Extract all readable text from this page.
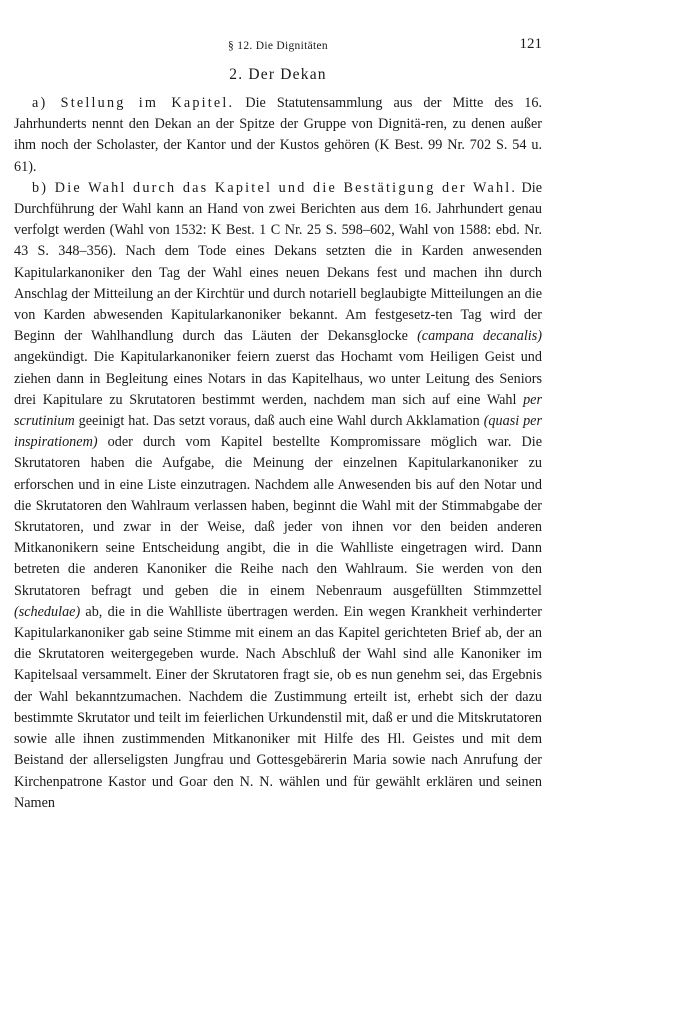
§ 12. Die Dignitäten	121
2. Der Dekan

a) Stellung im Kapitel. Die Statutensammlung aus der Mitte des 16. Jahrhunderts nennt den Dekan an der Spitze der Gruppe von Dignitä-ren, zu denen außer ihm noch der Scholaster, der Kantor und der Kustos gehören (K Best. 99 Nr. 702 S. 54 u. 61).

b) Die Wahl durch das Kapitel und die Bestätigung der Wahl. Die Durchführung der Wahl kann an Hand von zwei Berichten aus dem 16. Jahrhundert genau verfolgt werden (Wahl von 1532: K Best. 1 C Nr. 25 S. 598–602, Wahl von 1588: ebd. Nr. 43 S. 348–356). Nach dem Tode eines Dekans setzten die in Karden anwesenden Kapitularkanoniker den Tag der Wahl eines neuen Dekans fest und machen ihn durch Anschlag der Mitteilung an der Kirchtür und durch notariell beglaubigte Mitteilungen an die von Karden abwesenden Kapitularkanoniker bekannt. Am festgesetz-ten Tag wird der Beginn der Wahlhandlung durch das Läuten der Dekansglocke (campana decanalis) angekündigt. Die Kapitularkanoniker feiern zuerst das Hochamt vom Heiligen Geist und ziehen dann in Begleitung eines Notars in das Kapitelhaus, wo unter Leitung des Seniors drei Kapitulare zu Skrutatoren bestimmt werden, nachdem man sich auf eine Wahl per scrutinium geeinigt hat. Das setzt voraus, daß auch eine Wahl durch Akklamation (quasi per inspirationem) oder durch vom Kapitel bestellte Kompromissare möglich war. Die Skrutatoren haben die Aufgabe, die Meinung der einzelnen Kapitularkanoniker zu erforschen und in eine Liste einzutragen. Nachdem alle Anwesenden bis auf den Notar und die Skrutatoren den Wahlraum verlassen haben, beginnt die Wahl mit der Stimmabgabe der Skrutatoren, und zwar in der Weise, daß jeder von ihnen vor den beiden anderen Mitkanonikern seine Entscheidung angibt, die in die Wahlliste eingetragen wird. Dann betreten die anderen Kanoniker die Reihe nach den Wahlraum. Sie werden von den Skrutatoren befragt und geben die in einem Nebenraum ausgefüllten Stimmzettel (schedulae) ab, die in die Wahlliste übertragen werden. Ein wegen Krankheit verhinderter Kapitularkanoniker gab seine Stimme mit einem an das Kapitel gerichteten Brief ab, der an die Skrutatoren weitergegeben wurde. Nach Abschluß der Wahl sind alle Kanoniker im Kapitelsaal versammelt. Einer der Skrutatoren fragt sie, ob es nun genehm sei, das Ergebnis der Wahl bekanntzumachen. Nachdem die Zustimmung erteilt ist, erhebt sich der dazu bestimmte Skrutator und teilt im feierlichen Urkundenstil mit, daß er und die Mitskrutatoren sowie alle ihnen zustimmenden Mitkanoniker mit Hilfe des Hl. Geistes und mit dem Beistand der allerseligsten Jungfrau und Gottesgebärerin Maria sowie nach Anrufung der Kirchenpatrone Kastor und Goar den N. N. wählen und für gewählt erklären und seinen Namen
